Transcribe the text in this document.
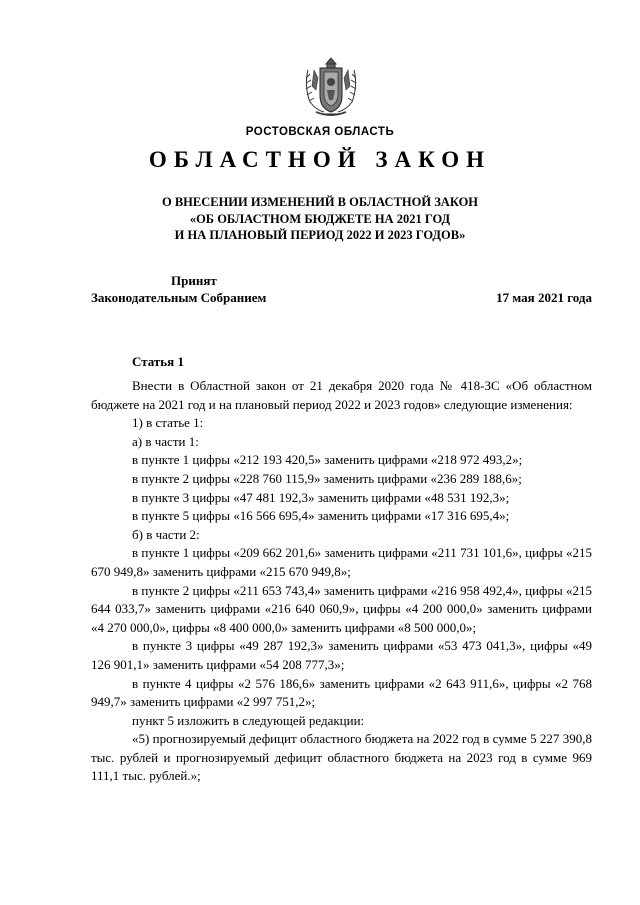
РОСТОВСКАЯ ОБЛАСТЬ
ОБЛАСТНОЙ ЗАКОН
О ВНЕСЕНИИ ИЗМЕНЕНИЙ В ОБЛАСТНОЙ ЗАКОН
«ОБ ОБЛАСТНОМ БЮДЖЕТЕ НА 2021 ГОД
И НА ПЛАНОВЫЙ ПЕРИОД 2022 И 2023 ГОДОВ»
Принят
Законодательным Собранием	17 мая 2021 года
Статья 1
Внести в Областной закон от 21 декабря 2020 года № 418-ЗС «Об областном бюджете на 2021 год и на плановый период 2022 и 2023 годов» следующие изменения:
1) в статье 1:
а) в части 1:
в пункте 1 цифры «212 193 420,5» заменить цифрами «218 972 493,2»;
в пункте 2 цифры «228 760 115,9» заменить цифрами «236 289 188,6»;
в пункте 3 цифры «47 481 192,3» заменить цифрами «48 531 192,3»;
в пункте 5 цифры «16 566 695,4» заменить цифрами «17 316 695,4»;
б) в части 2:
в пункте 1 цифры «209 662 201,6» заменить цифрами «211 731 101,6», цифры «215 670 949,8» заменить цифрами «215 670 949,8»;
в пункте 2 цифры «211 653 743,4» заменить цифрами «216 958 492,4», цифры «215 644 033,7» заменить цифрами «216 640 060,9», цифры «4 200 000,0» заменить цифрами «4 270 000,0», цифры «8 400 000,0» заменить цифрами «8 500 000,0»;
в пункте 3 цифры «49 287 192,3» заменить цифрами «53 473 041,3», цифры «49 126 901,1» заменить цифрами «54 208 777,3»;
в пункте 4 цифры «2 576 186,6» заменить цифрами «2 643 911,6», цифры «2 768 949,7» заменить цифрами «2 997 751,2»;
пункт 5 изложить в следующей редакции:
«5) прогнозируемый дефицит областного бюджета на 2022 год в сумме 5 227 390,8 тыс. рублей и прогнозируемый дефицит областного бюджета на 2023 год в сумме 969 111,1 тыс. рублей.»;
